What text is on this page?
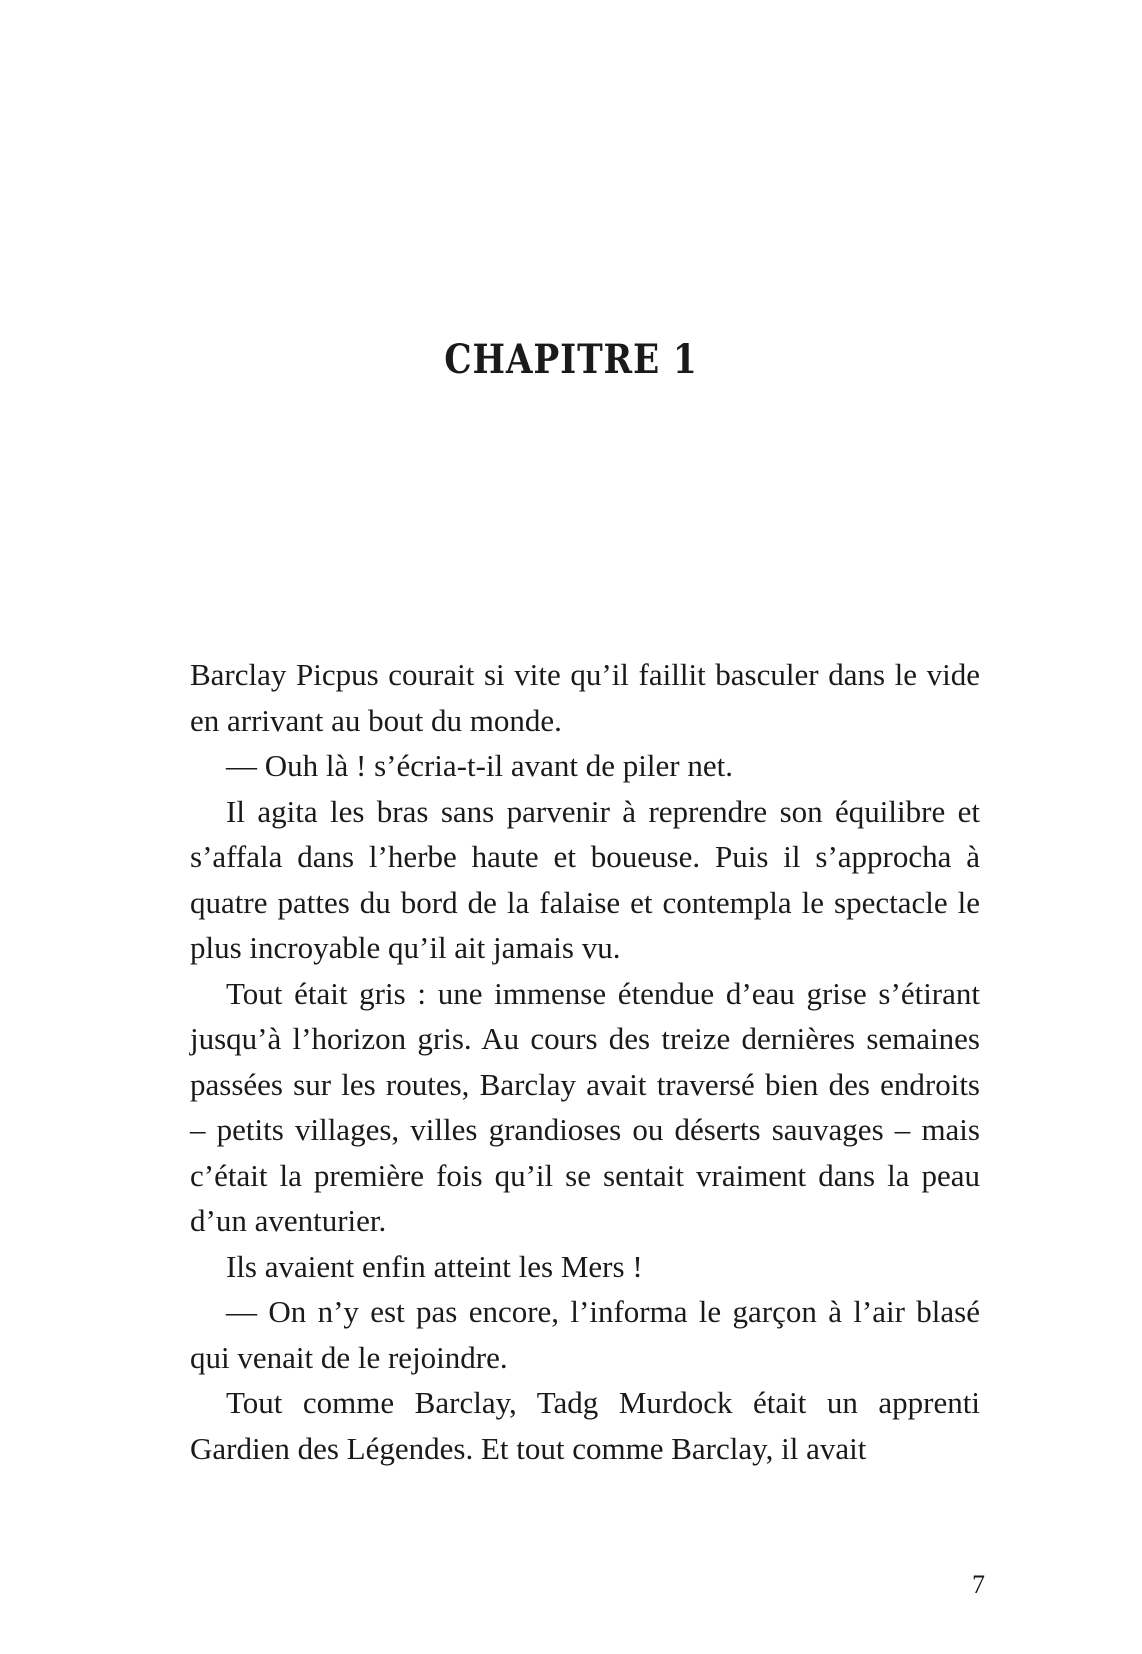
CHAPITRE 1

Barclay Picpus courait si vite qu’il faillit basculer dans le vide en arrivant au bout du monde.

— Ouh là ! s’écria-t-il avant de piler net.

Il agita les bras sans parvenir à reprendre son équilibre et s’affala dans l’herbe haute et boueuse. Puis il s’approcha à quatre pattes du bord de la falaise et contempla le spectacle le plus incroyable qu’il ait jamais vu.

Tout était gris : une immense étendue d’eau grise s’étirant jusqu’à l’horizon gris. Au cours des treize dernières semaines passées sur les routes, Barclay avait traversé bien des endroits – petits villages, villes grandioses ou déserts sauvages – mais c’était la première fois qu’il se sentait vraiment dans la peau d’un aventurier.

Ils avaient enfin atteint les Mers !

— On n’y est pas encore, l’informa le garçon à l’air blasé qui venait de le rejoindre.

Tout comme Barclay, Tadg Murdock était un apprenti Gardien des Légendes. Et tout comme Barclay, il avait

7
